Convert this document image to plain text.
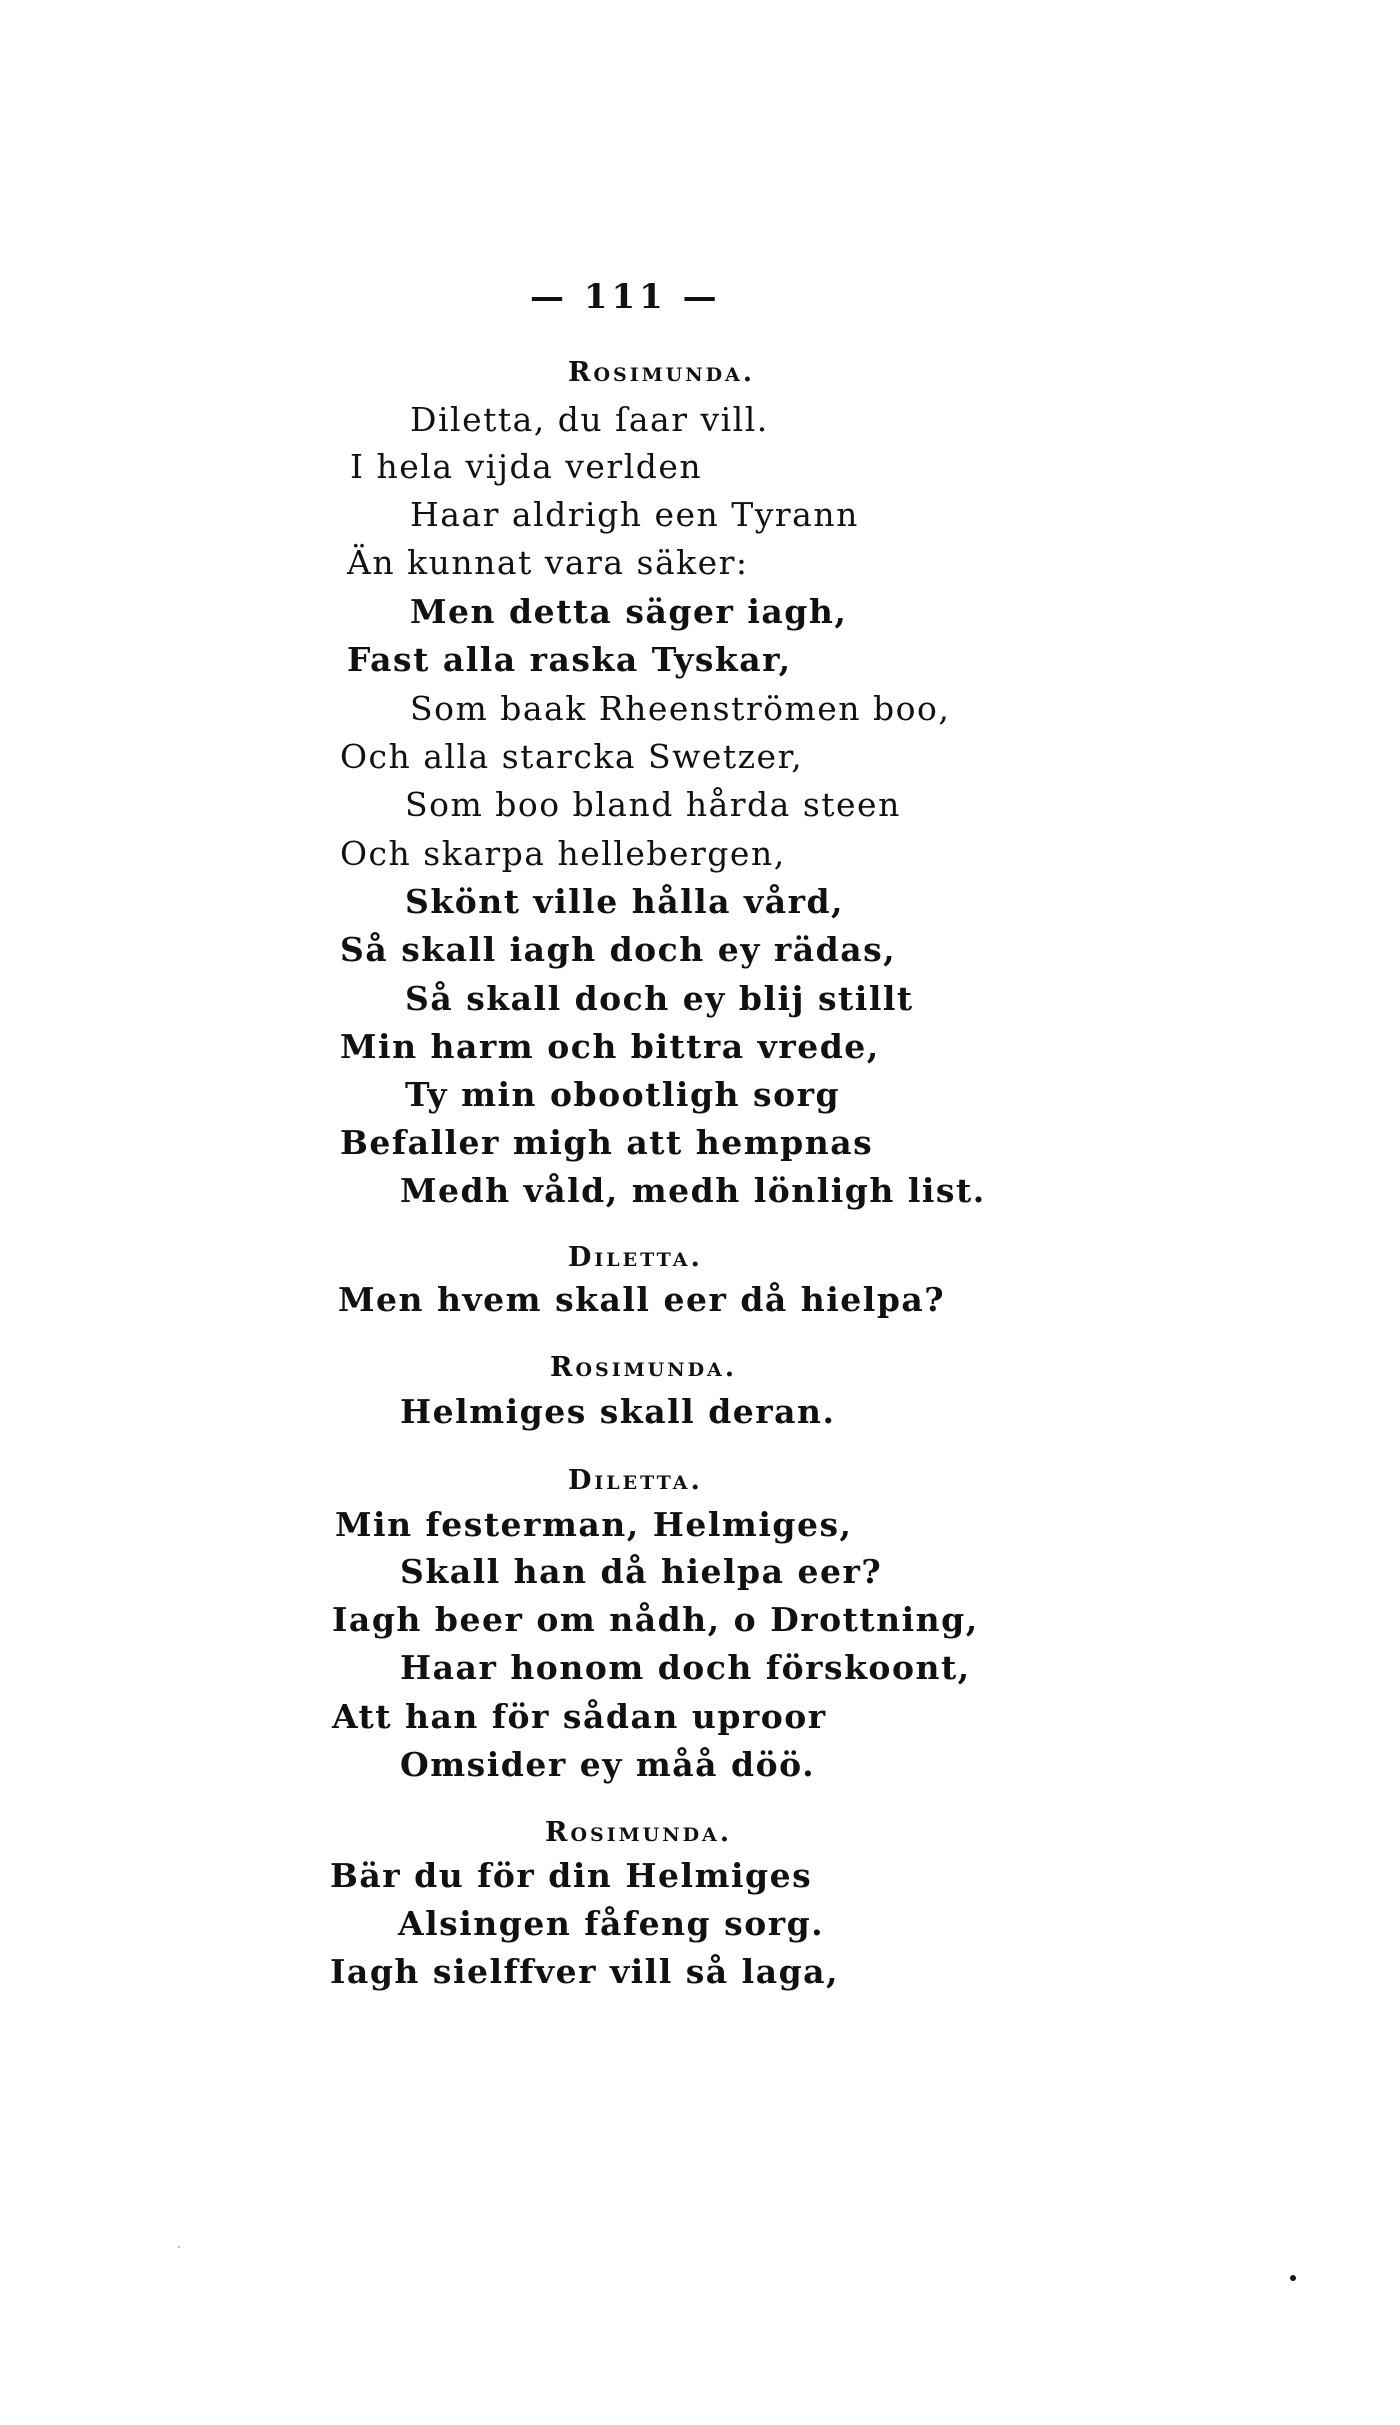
— 111 —
Rosimunda.
Diletta, du ſaar vill.
I hela vijda verlden
Haar aldrigh een Tyrann
Än kunnat vara säker:
Men detta säger iagh,
Fast alla raska Tyskar,
Som baak Rheenströmen boo,
Och alla starcka Swetzer,
Som boo bland hårda steen
Och skarpa hellebergen,
Skönt ville hålla vård,
Så skall iagh doch ey rädas,
Så skall doch ey blij stillt
Min harm och bittra vrede,
Ty min obootligh sorg
Befaller migh att hempnas
Medh våld, medh lönligh list.
Diletta.
Men hvem skall eer då hielpa?
Rosimunda.
Helmiges skall deran.
Diletta.
Min festerman, Helmiges,
Skall han då hielpa eer?
Iagh beer om nådh, o Drottning,
Haar honom doch förskoont,
Att han för sådan uproor
Omsider ey måå döö.
Rosimunda.
Bär du för din Helmiges
Alsingen fåfeng sorg.
Iagh sielffver vill så laga,
